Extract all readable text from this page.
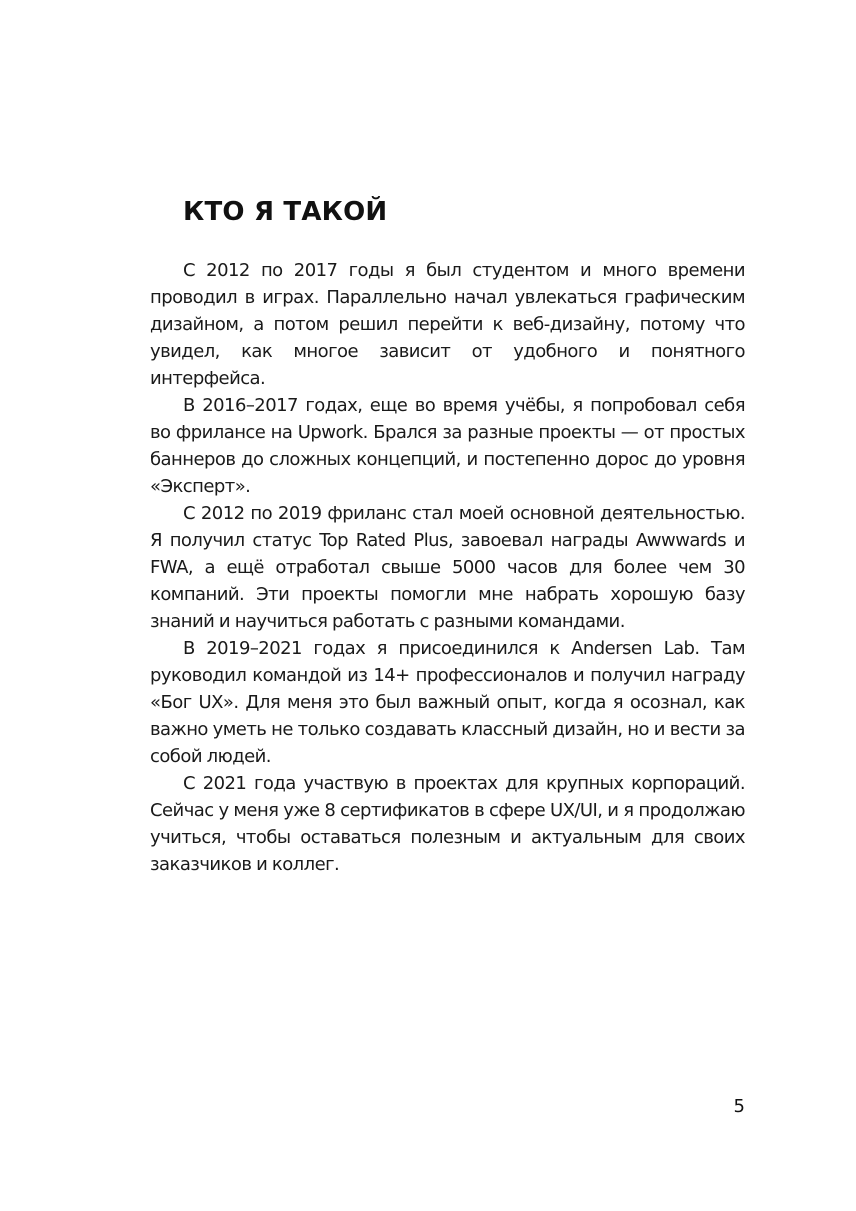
КТО Я ТАКОЙ

С 2012 по 2017 годы я был студентом и много времени проводил в играх. Параллельно начал увлекаться графическим дизайном, а потом решил перейти к веб-дизайну, потому что увидел, как многое зависит от удобного и понятного интерфейса.

В 2016–2017 годах, еще во время учёбы, я попробовал себя во фрилансе на Upwork. Брался за разные проекты — от простых баннеров до сложных концепций, и постепенно дорос до уровня «Эксперт».

С 2012 по 2019 фриланс стал моей основной деятельностью. Я получил статус Top Rated Plus, завоевал награды Awwwards и FWA, а ещё отработал свыше 5000 часов для более чем 30 компаний. Эти проекты помогли мне набрать хорошую базу знаний и научиться работать с разными командами.

В 2019–2021 годах я присоединился к Andersen Lab. Там руководил командой из 14+ профессионалов и получил награду «Бог UX». Для меня это был важный опыт, когда я осознал, как важно уметь не только создавать классный дизайн, но и вести за собой людей.

С 2021 года участвую в проектах для крупных корпораций. Сейчас у меня уже 8 сертификатов в сфере UX/UI, и я продолжаю учиться, чтобы оставаться полезным и актуальным для своих заказчиков и коллег.

5
